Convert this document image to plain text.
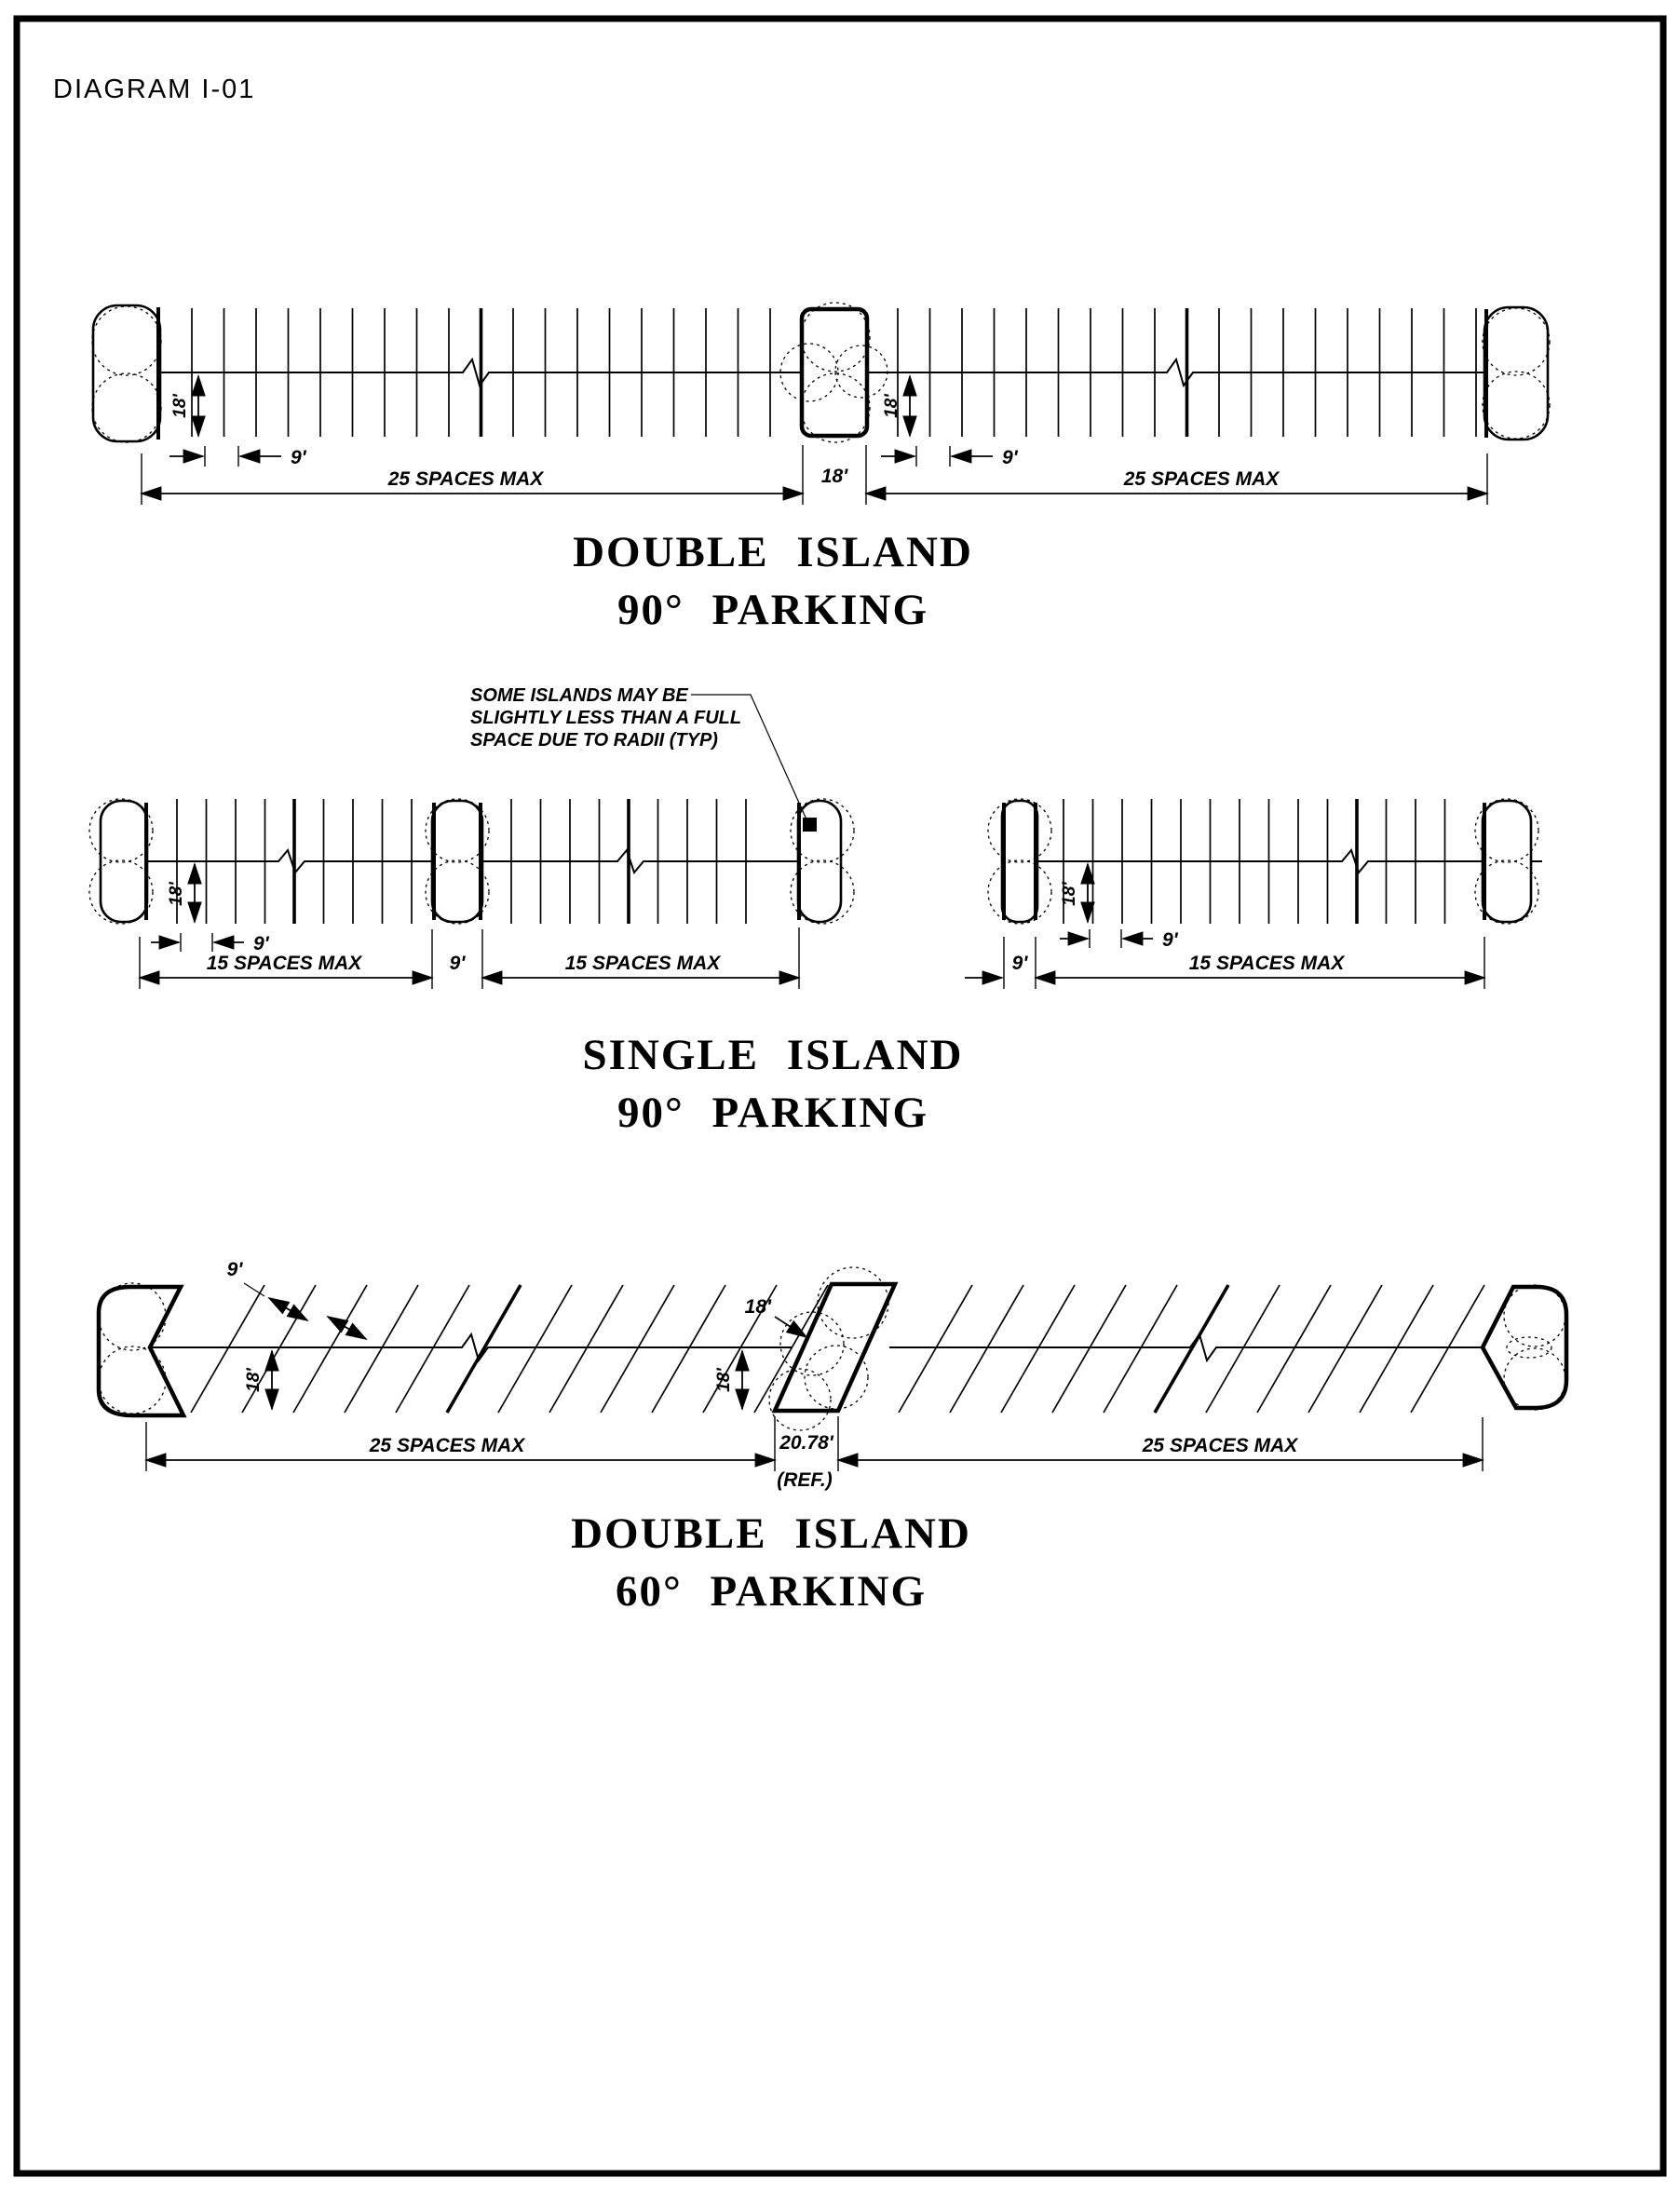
DIAGRAM I-01
18'	18'
9'	9'
25 SPACES MAX	18'	25 SPACES MAX
DOUBLE ISLAND
90° PARKING
SOME ISLANDS MAY BE
SLIGHTLY LESS THAN A FULL
SPACE DUE TO RADII (TYP)
18'
9'
18'
9'
15 SPACES MAX	9'	15 SPACES MAX	9'	15 SPACES MAX
SINGLE ISLAND
90° PARKING
9'
18'
18'	18'
25 SPACES MAX	20.78'
(REF.)
25 SPACES MAX
DOUBLE ISLAND
60° PARKING
